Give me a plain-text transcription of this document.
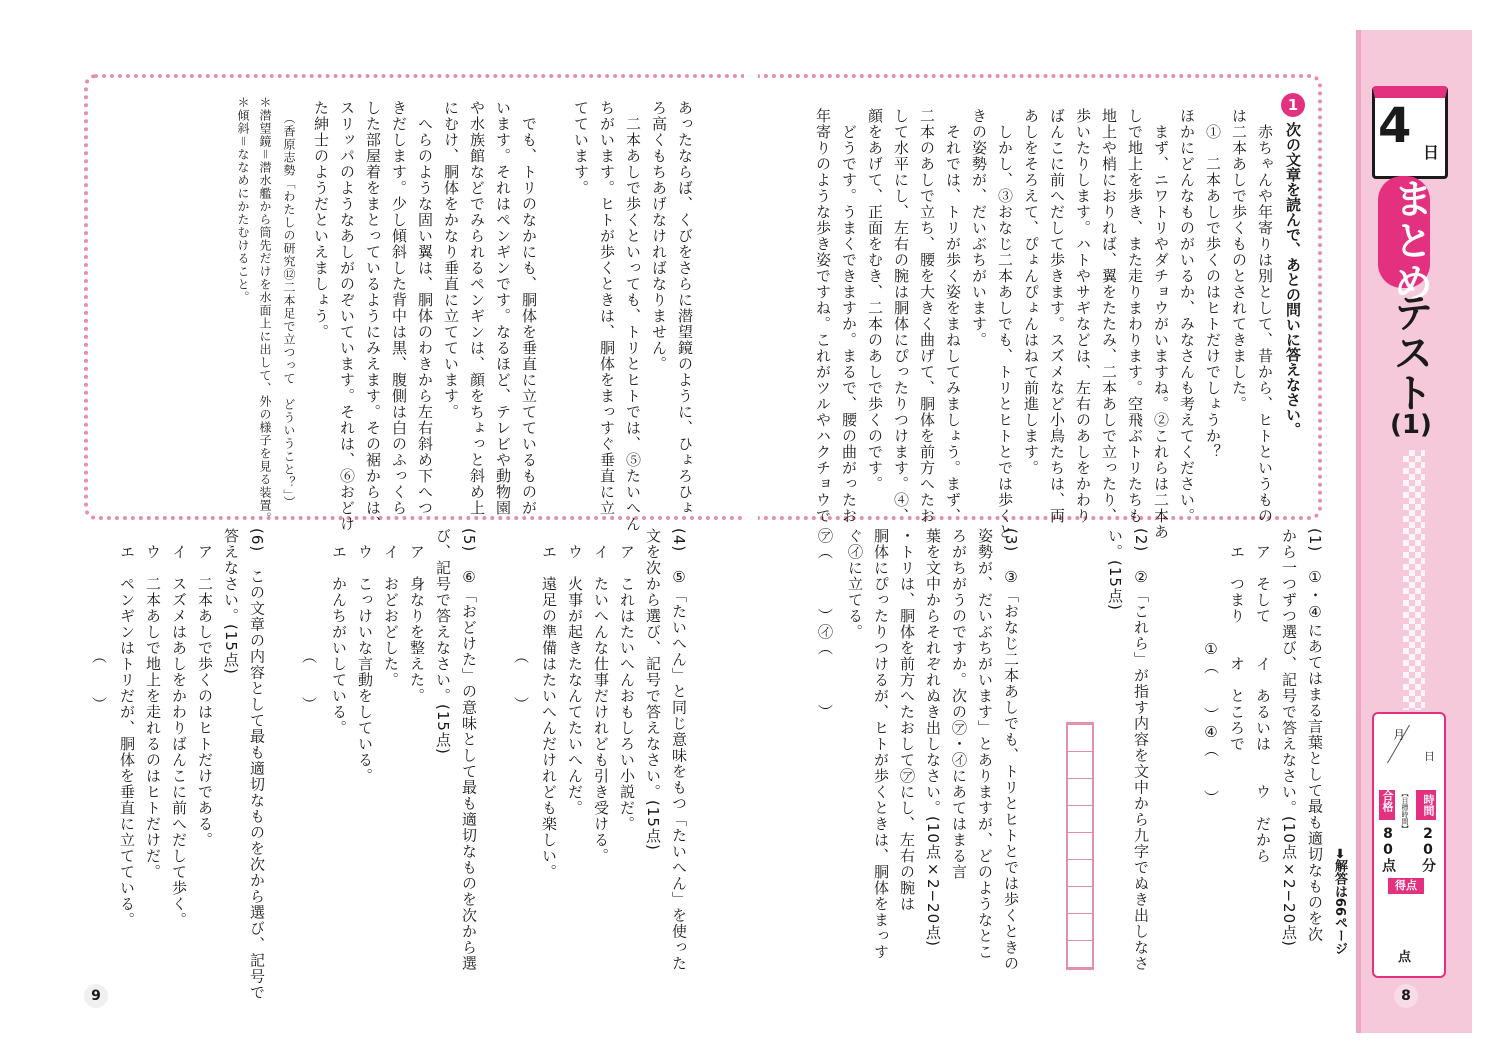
4 日
まとめ
テスト
(1)
月
日
時間
20分
【目標時間】
合格
80点
得点
点
8
9
➡解答は66ページ
1
次の文章を読んで、あとの問いに答えなさい。
　赤ちゃんや年寄りは別として、昔から、ヒトというもの
は二本あしで歩くものとされてきました。
　①　二本あしで歩くのはヒトだけでしょうか？
ほかにどんなものがいるか、みなさんも考えてください。
　まず、ニワトリやダチョウがいますね。②これらは二本あ
しで地上を歩き、また走りまわります。空飛ぶトリたちも
地上や梢におりれば、翼をたたみ、二本あしで立ったり、
歩いたりします。ハトやサギなどは、左右のあしをかわり
ばんこに前へだして歩きます。スズメなど小鳥たちは、両
あしをそろえて、ぴょんぴょんはねて前進します。
　しかし、③おなじ二本あしでも、トリとヒトとでは歩くと
きの姿勢が、だいぶちがいます。
　それでは、トリが歩く姿をまねしてみましょう。まず、
二本のあしで立ち、腰を大きく曲げて、胴体を前方へたお
して水平にし、左右の腕は胴体にぴったりつけます。④、
顔をあげて、正面をむき、二本のあしで歩くのです。
　どうです。うまくできますか。まるで、腰の曲がったお
年寄りのような歩き姿ですね。これがツルやハクチョウで
あったならば、くびをさらに潜望鏡のように、ひょろひょ
ろ高くもちあげなければなりません。
　二本あしで歩くといっても、トリとヒトでは、⑤たいへん
ちがいます。ヒトが歩くときは、胴体をまっすぐ垂直に立
てています。
　でも、トリのなかにも、胴体を垂直に立てているものが
います。それはペンギンです。なるほど、テレビや動物園
や水族館などでみられるペンギンは、顔をちょっと斜め上
にむけ、胴体をかなり垂直に立てています。
　へらのような固い翼は、胴体のわきから左右斜め下へつ
きだします。少し傾斜した背中は黒、腹側は白のふっくら
した部屋着をまとっているようにみえます。その裾からは、
スリッパのようなあしがのぞいています。それは、⑥おどけ
た紳士のようだといえましょう。
（香原志勢「わたしの研究⑫二本足で立つって　どういうこと？」）
＊潜望鏡＝潜水艦から筒先だけを水面上に出して、外の様子を見る装置。
＊傾斜＝ななめにかたむけること。
(1)　①・④にあてはまる言葉として最も適切なものを次
から一つずつ選び、記号で答えなさい。(10点×2−20点)
　ア　そして　　イ　あるいは　　ウ　だから
　エ　つまり　　オ　ところで
　　　　　　　①（　　）④（　　）
(2)　②「これら」が指す内容を文中から九字でぬき出しなさ
い。(15点)
(3)　③「おなじ二本あしでも、トリとヒトとでは歩くときの
姿勢が、だいぶちがいます」とありますが、どのようなとこ
ろがちがうのですか。次の㋐・㋑にあてはまる言
葉を文中からそれぞれぬき出しなさい。(10点×2−20点)
・トリは、胴体を前方へたおして㋐にし、左右の腕は
胴体にぴったりつけるが、ヒトが歩くときは、胴体をまっす
ぐ㋑に立てる。
㋐（　　　）㋑（　　　）
(4)　⑤「たいへん」と同じ意味をもつ「たいへん」を使った
文を次から選び、記号で答えなさい。(15点)
　ア　これはたいへんおもしろい小説だ。
　イ　たいへんな仕事だけれども引き受ける。
　ウ　火事が起きたなんてたいへんだ。
　エ　遠足の準備はたいへんだけれども楽しい。
　　　　　　　　（　　）
(5)　⑥「おどけた」の意味として最も適切なものを次から選
び、記号で答えなさい。(15点)
　ア　身なりを整えた。
　イ　おどおどした。
　ウ　こっけいな言動をしている。
　エ　かんちがいしている。
　　　　　　　　（　　）
(6)　この文章の内容として最も適切なものを次から選び、記号で
答えなさい。(15点)
　ア　二本あしで歩くのはヒトだけである。
　イ　スズメはあしをかわりばんこに前へだして歩く。
　ウ　二本あしで地上を走れるのはヒトだけだ。
　エ　ペンギンはトリだが、胴体を垂直に立てている。
　　　　　　　　（　　）
